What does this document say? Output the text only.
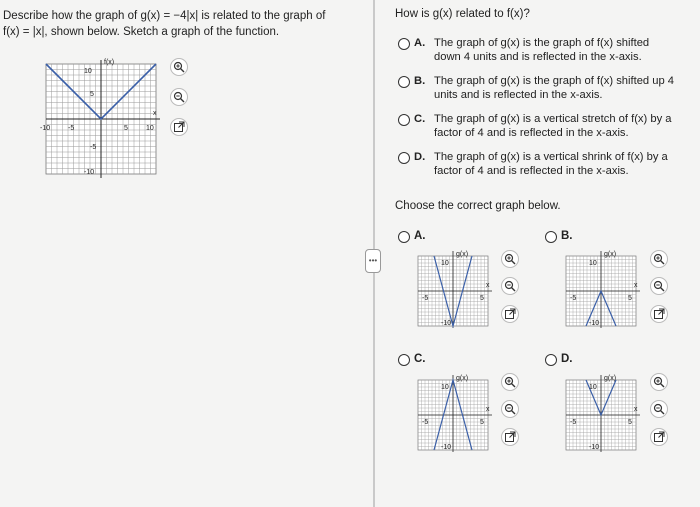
Describe how the graph of g(x) = −4|x| is related to the graph of
f(x) = |x|, shown below. Sketch a graph of the function.
f(x)
x
10
5
-5
-10
-10	-5	5	10
•••
How is g(x) related to f(x)?
A. The graph of g(x) is the graph of f(x) shifted
down 4 units and is reflected in the x-axis.
B. The graph of g(x) is the graph of f(x) shifted up 4
units and is reflected in the x-axis.
C. The graph of g(x) is a vertical stretch of f(x) by a
factor of 4 and is reflected in the x-axis.
D. The graph of g(x) is a vertical shrink of f(x) by a
factor of 4 and is reflected in the x-axis.
Choose the correct graph below.
A.
g(x)
x
10
-10
-5	5
B.
g(x)
x
10
-10
-5	5
C.
g(x)
x
10
-10
-5	5
D.
g(x)
x
10
-10
-5	5
